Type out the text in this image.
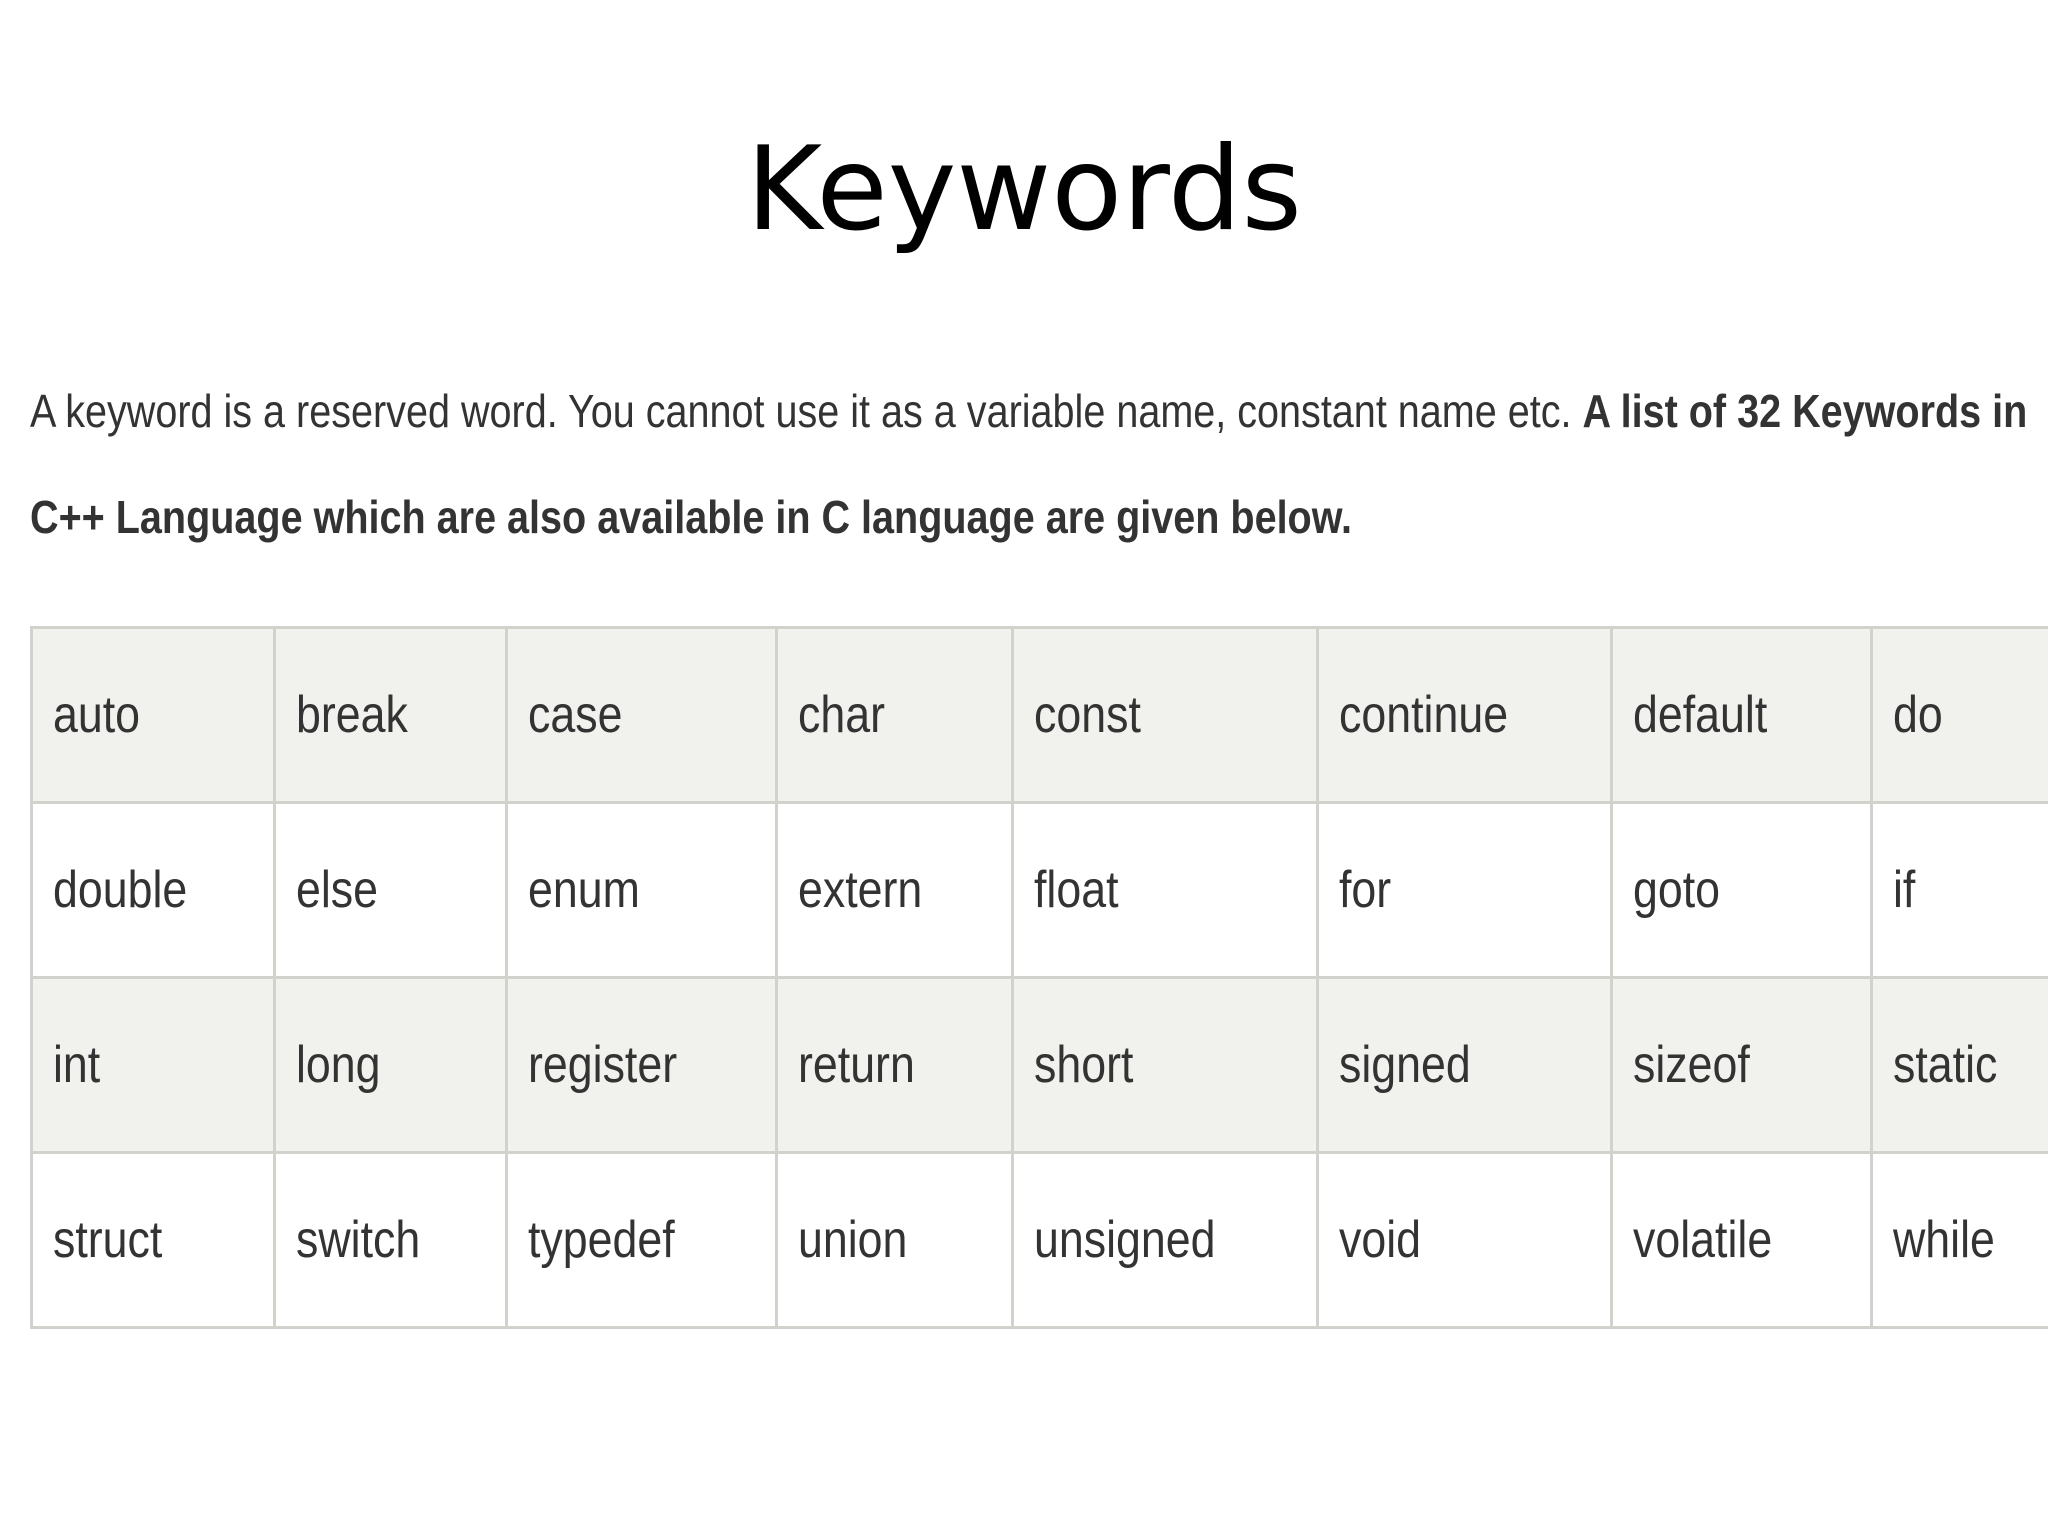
Keywords
A keyword is a reserved word. You cannot use it as a variable name, constant name etc. A list of 32 Keywords in
C++ Language which are also available in C language are given below.
auto	break	case	char	const	continue	default	do
double	else	enum	extern	float	for	goto	if
int	long	register	return	short	signed	sizeof	static
struct	switch	typedef	union	unsigned	void	volatile	while
